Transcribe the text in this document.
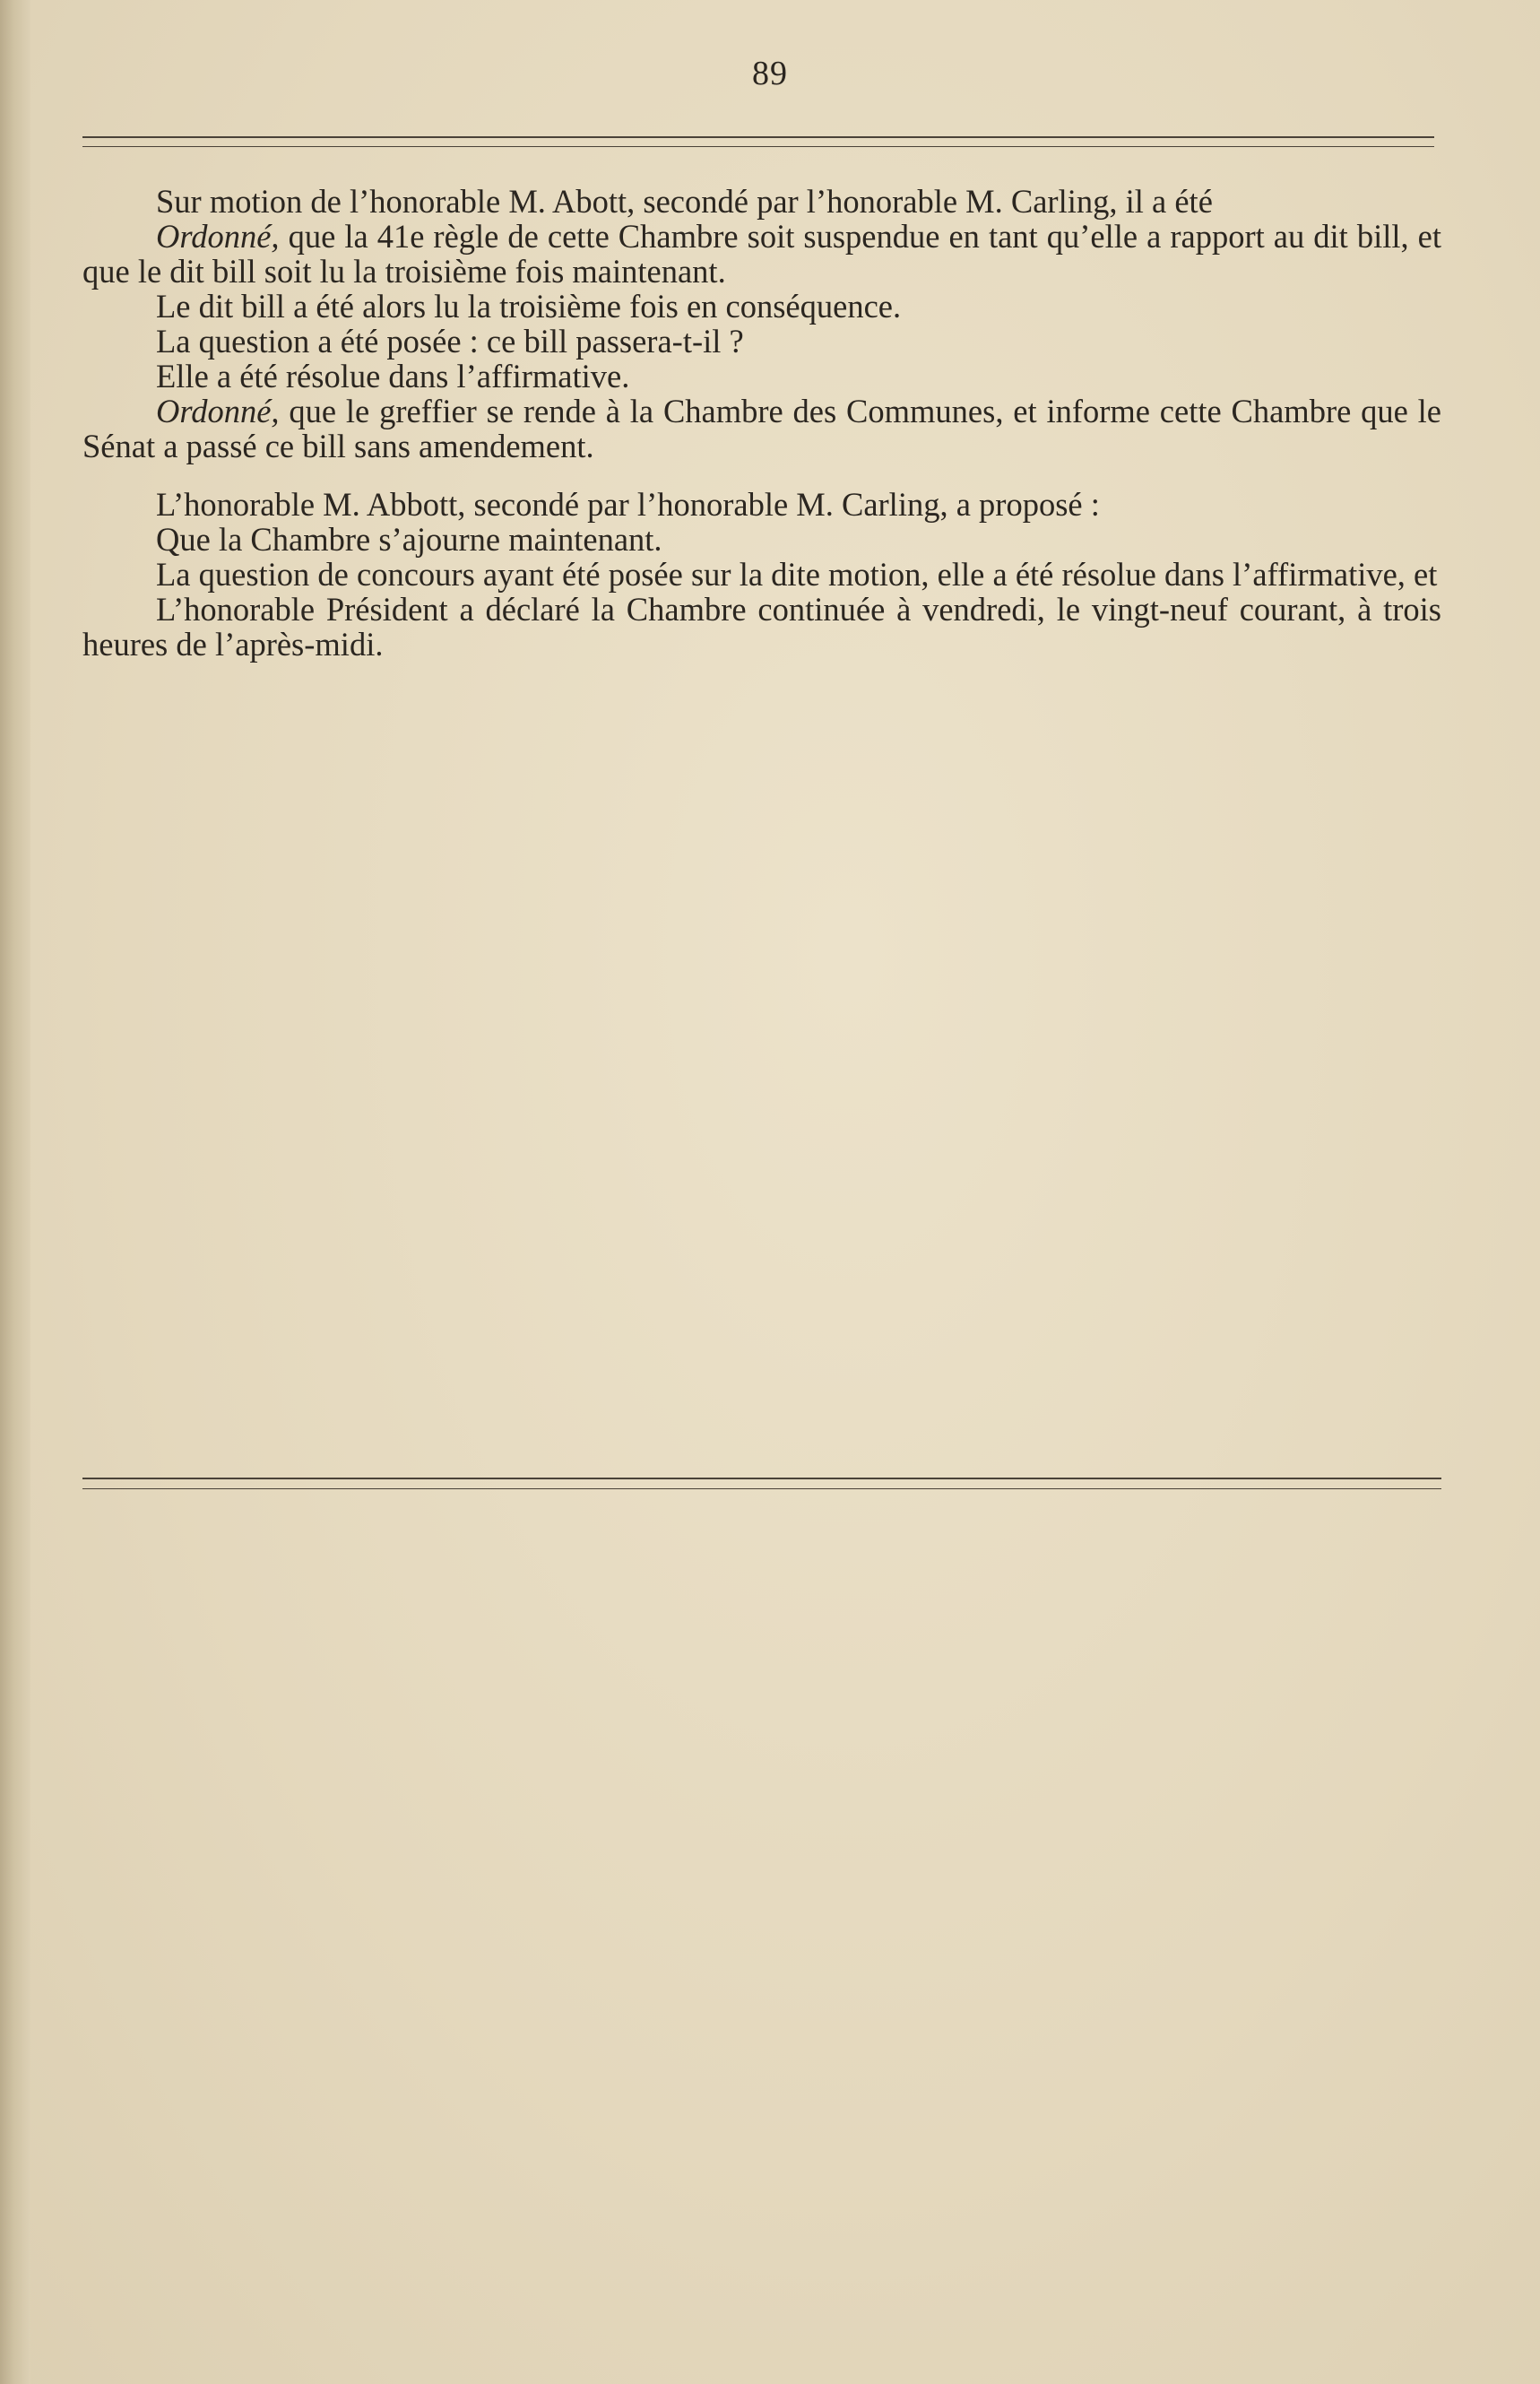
89

Sur motion de l’honorable M. Abott, secondé par l’honorable M. Carling, il a été

Ordonné, que la 41e règle de cette Chambre soit suspendue en tant qu’elle a rapport au dit bill, et que le dit bill soit lu la troisième fois maintenant.

Le dit bill a été alors lu la troisième fois en conséquence.

La question a été posée : ce bill passera-t-il ?

Elle a été résolue dans l’affirmative.

Ordonné, que le greffier se rende à la Chambre des Communes, et informe cette Chambre que le Sénat a passé ce bill sans amendement.

L’honorable M. Abbott, secondé par l’honorable M. Carling, a proposé :

Que la Chambre s’ajourne maintenant.

La question de concours ayant été posée sur la dite motion, elle a été résolue dans l’affirmative, et

L’honorable Président a déclaré la Chambre continuée à vendredi, le vingt-neuf courant, à trois heures de l’après-midi.
